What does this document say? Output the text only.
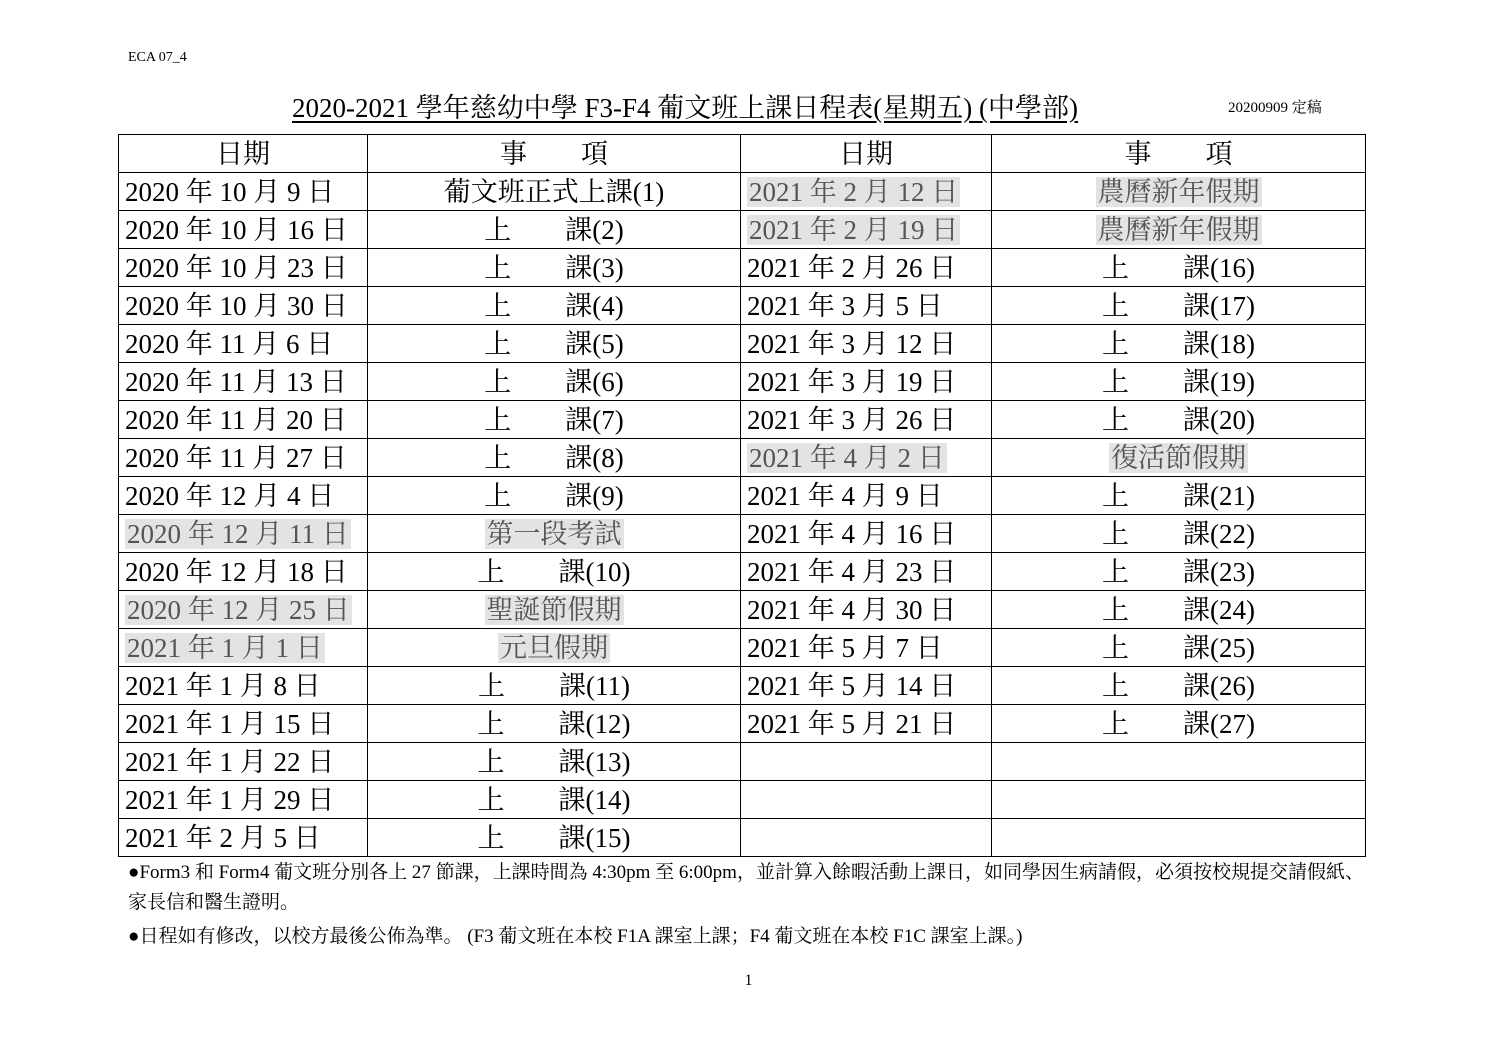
ECA 07_4
2020-2021 學年慈幼中學 F3-F4 葡文班上課日程表(星期五) (中學部)	20200909 定稿
日期	事　　項	日期	事　　項
2020 年 10 月 9 日	葡文班正式上課(1)	2021 年 2 月 12 日	農曆新年假期
2020 年 10 月 16 日	上　　課(2)	2021 年 2 月 19 日	農曆新年假期
2020 年 10 月 23 日	上　　課(3)	2021 年 2 月 26 日	上　　課(16)
2020 年 10 月 30 日	上　　課(4)	2021 年 3 月 5 日	上　　課(17)
2020 年 11 月 6 日	上　　課(5)	2021 年 3 月 12 日	上　　課(18)
2020 年 11 月 13 日	上　　課(6)	2021 年 3 月 19 日	上　　課(19)
2020 年 11 月 20 日	上　　課(7)	2021 年 3 月 26 日	上　　課(20)
2020 年 11 月 27 日	上　　課(8)	2021 年 4 月 2 日	復活節假期
2020 年 12 月 4 日	上　　課(9)	2021 年 4 月 9 日	上　　課(21)
2020 年 12 月 11 日	第一段考試	2021 年 4 月 16 日	上　　課(22)
2020 年 12 月 18 日	上　　課(10)	2021 年 4 月 23 日	上　　課(23)
2020 年 12 月 25 日	聖誕節假期	2021 年 4 月 30 日	上　　課(24)
2021 年 1 月 1 日	元旦假期	2021 年 5 月 7 日	上　　課(25)
2021 年 1 月 8 日	上　　課(11)	2021 年 5 月 14 日	上　　課(26)
2021 年 1 月 15 日	上　　課(12)	2021 年 5 月 21 日	上　　課(27)
2021 年 1 月 22 日	上　　課(13)		
2021 年 1 月 29 日	上　　課(14)		
2021 年 2 月 5 日	上　　課(15)		

●Form3 和 Form4 葡文班分別各上 27 節課，上課時間為 4:30pm 至 6:00pm，並計算入餘暇活動上課日，如同學因生病請假，必須按校規提交請假紙、家長信和醫生證明。

●日程如有修改，以校方最後公佈為準。 (F3 葡文班在本校 F1A 課室上課；F4 葡文班在本校 F1C 課室上課。)

1
